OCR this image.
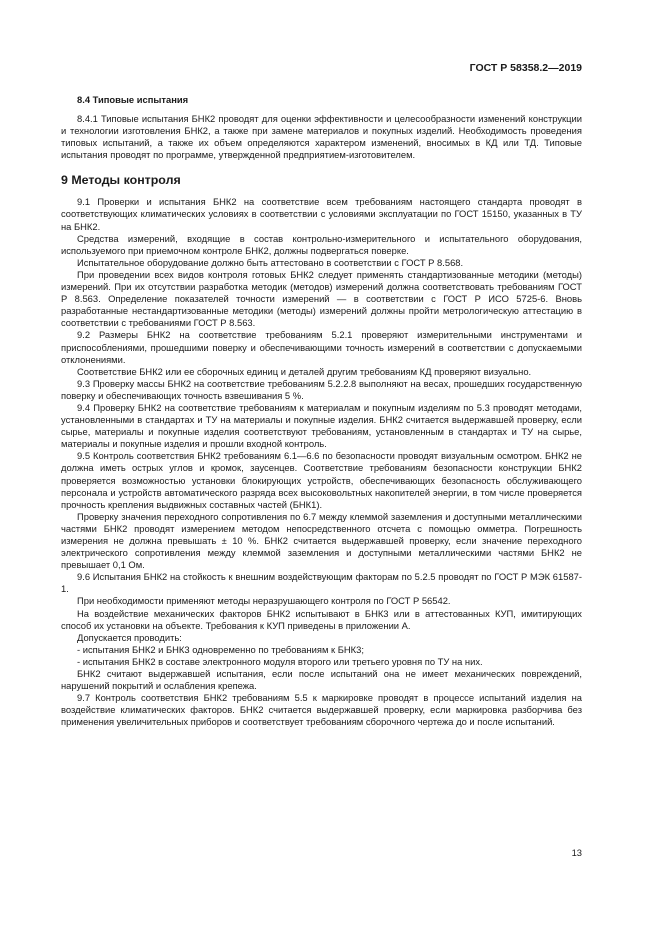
ГОСТ Р 58358.2—2019
8.4 Типовые испытания

8.4.1 Типовые испытания БНК2 проводят для оценки эффективности и целесообразности изменений конструкции и технологии изготовления БНК2, а также при замене материалов и покупных изделий. Необходимость проведения типовых испытаний, а также их объем определяются характером изменений, вносимых в КД или ТД. Типовые испытания проводят по программе, утвержденной предприятием-изготовителем.

9 Методы контроля

9.1 Проверки и испытания БНК2 на соответствие всем требованиям настоящего стандарта проводят в соответствующих климатических условиях в соответствии с условиями эксплуатации по ГОСТ 15150, указанных в ТУ на БНК2.

Средства измерений, входящие в состав контрольно-измерительного и испытательного оборудования, используемого при приемочном контроле БНК2, должны подвергаться поверке.

Испытательное оборудование должно быть аттестовано в соответствии с ГОСТ Р 8.568.

При проведении всех видов контроля готовых БНК2 следует применять стандартизованные методики (методы) измерений. При их отсутствии разработка методик (методов) измерений должна соответствовать требованиям ГОСТ Р 8.563. Определение показателей точности измерений — в соответствии с ГОСТ Р ИСО 5725-6. Вновь разработанные нестандартизованные методики (методы) измерений должны пройти метрологическую аттестацию в соответствии с требованиями ГОСТ Р 8.563.

9.2 Размеры БНК2 на соответствие требованиям 5.2.1 проверяют измерительными инструментами и приспособлениями, прошедшими поверку и обеспечивающими точность измерений в соответствии с допускаемыми отклонениями.

Соответствие БНК2 или ее сборочных единиц и деталей другим требованиям КД проверяют визуально.

9.3 Проверку массы БНК2 на соответствие требованиям 5.2.2.8 выполняют на весах, прошедших государственную поверку и обеспечивающих точность взвешивания 5 %.

9.4 Проверку БНК2 на соответствие требованиям к материалам и покупным изделиям по 5.3 проводят методами, установленными в стандартах и ТУ на материалы и покупные изделия. БНК2 считается выдержавшей проверку, если сырье, материалы и покупные изделия соответствуют требованиям, установленным в стандартах и ТУ на сырье, материалы и покупные изделия и прошли входной контроль.

9.5 Контроль соответствия БНК2 требованиям 6.1—6.6 по безопасности проводят визуальным осмотром. БНК2 не должна иметь острых углов и кромок, заусенцев. Соответствие требованиям безопасности конструкции БНК2 проверяется возможностью установки блокирующих устройств, обеспечивающих безопасность обслуживающего персонала и устройств автоматического разряда всех высоковольтных накопителей энергии, в том числе проверяется прочность крепления выдвижных составных частей (БНК1).

Проверку значения переходного сопротивления по 6.7 между клеммой заземления и доступными металлическими частями БНК2 проводят измерением методом непосредственного отсчета с помощью омметра. Погрешность измерения не должна превышать ± 10 %. БНК2 считается выдержавшей проверку, если значение переходного электрического сопротивления между клеммой заземления и доступными металлическими частями БНК2 не превышает 0,1 Ом.

9.6 Испытания БНК2 на стойкость к внешним воздействующим факторам по 5.2.5 проводят по ГОСТ Р МЭК 61587-1.

При необходимости применяют методы неразрушающего контроля по ГОСТ Р 56542.

На воздействие механических факторов БНК2 испытывают в БНК3 или в аттестованных КУП, имитирующих способ их установки на объекте. Требования к КУП приведены в приложении А.

Допускается проводить:

- испытания БНК2 и БНК3 одновременно по требованиям к БНК3;
- испытания БНК2 в составе электронного модуля второго или третьего уровня по ТУ на них.

БНК2 считают выдержавшей испытания, если после испытаний она не имеет механических повреждений, нарушений покрытий и ослабления крепежа.

9.7 Контроль соответствия БНК2 требованиям 5.5 к маркировке проводят в процессе испытаний изделия на воздействие климатических факторов. БНК2 считается выдержавшей проверку, если маркировка разборчива без применения увеличительных приборов и соответствует требованиям сборочного чертежа до и после испытаний.

13
